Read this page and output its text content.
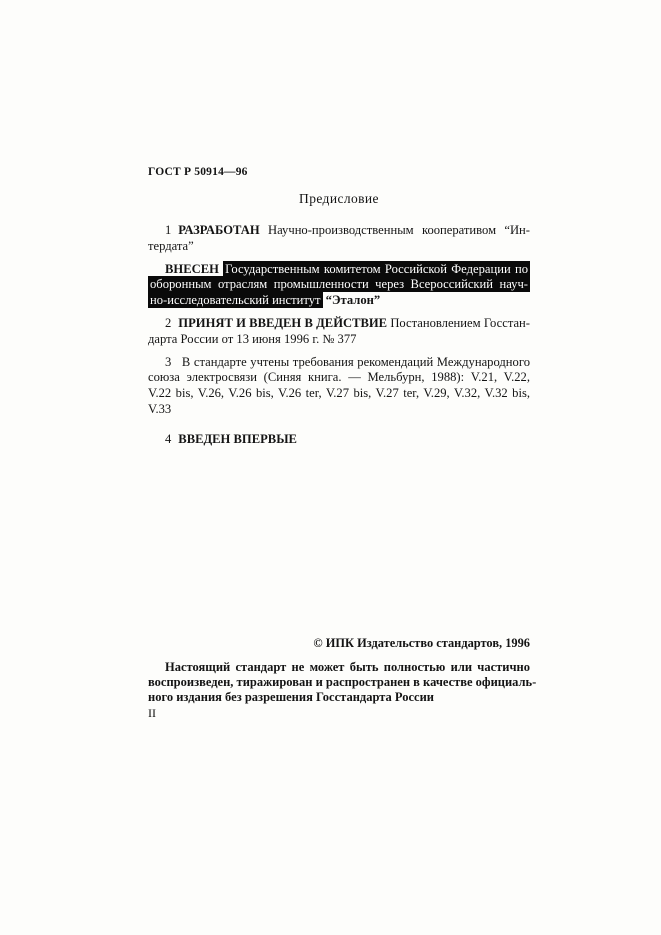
ГОСТ Р 50914—96
Предисловие
1 РАЗРАБОТАН Научно-производственным кооперативом “Ин-
тердата”
ВНЕСЕН Государственным комитетом Российской Федерации по
оборонным отраслям промышленности через Всероссийский науч-
но-исследовательский институт “Эталон”
2 ПРИНЯТ И ВВЕДЕН В ДЕЙСТВИЕ Постановлением Госстан-
дарта России от 13 июня 1996 г. № 377
3 В стандарте учтены требования рекомендаций Международного
союза электросвязи (Синяя книга. — Мельбурн, 1988): V.21, V.22,
V.22 bis, V.26, V.26 bis, V.26 ter, V.27 bis, V.27 ter, V.29, V.32, V.32 bis,
V.33
4 ВВЕДЕН ВПЕРВЫЕ
© ИПК Издательство стандартов, 1996
Настоящий стандарт не может быть полностью или частично
воспроизведен, тиражирован и распространен в качестве официаль-
ного издания без разрешения Госстандарта России
II
